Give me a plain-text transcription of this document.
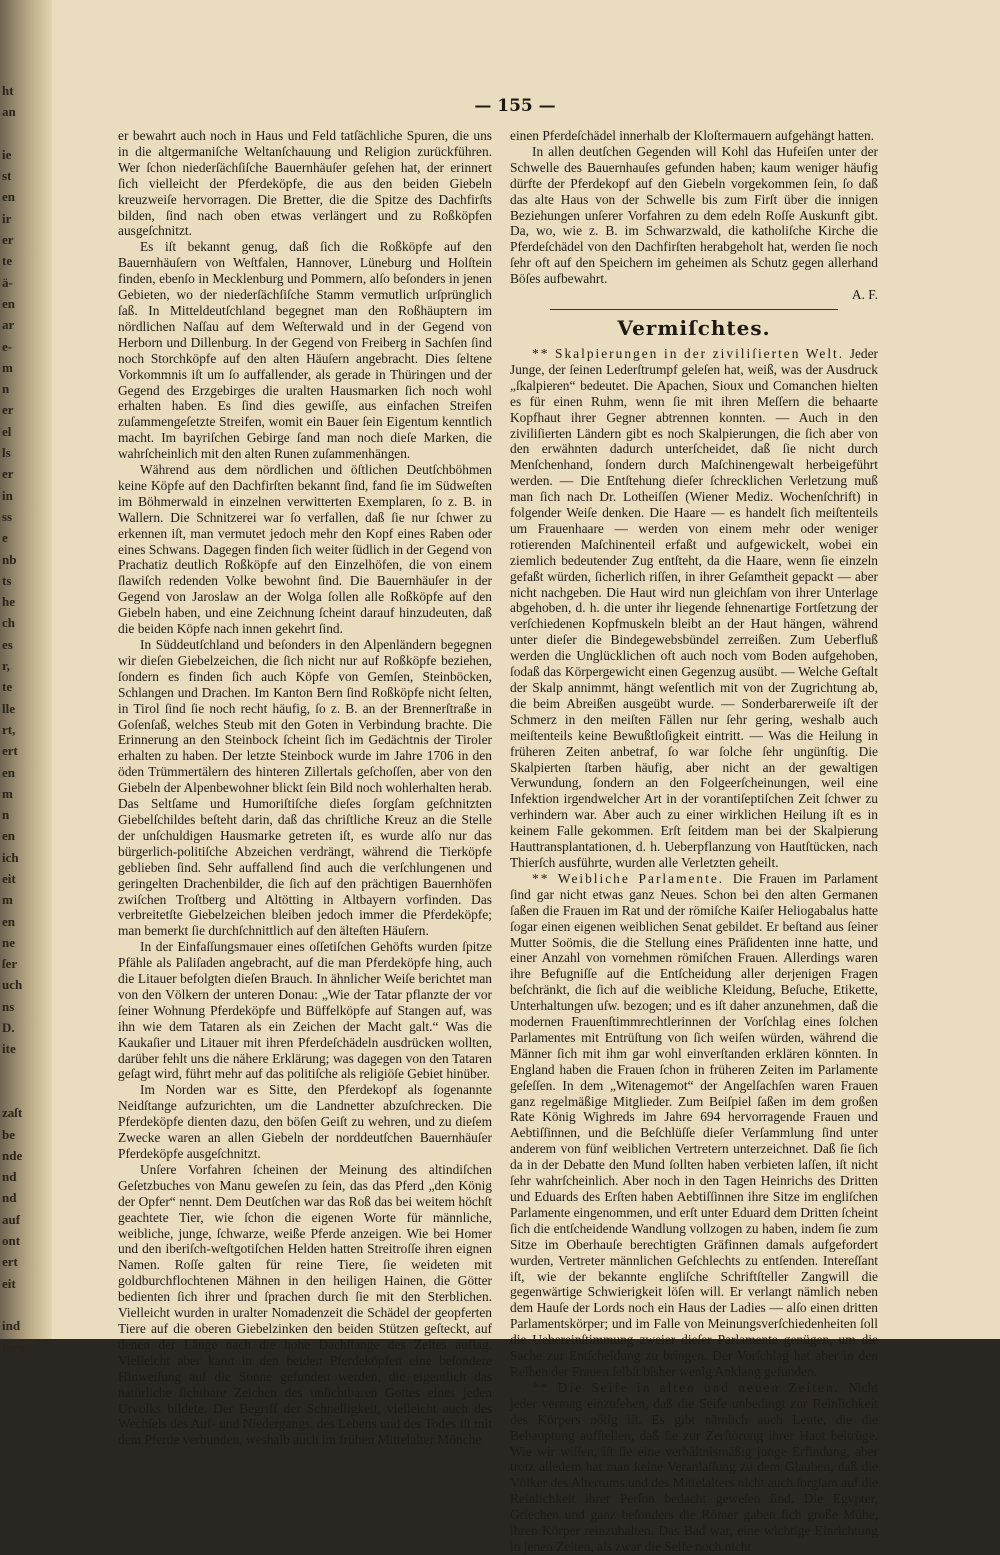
ht
an

ie
st
en
ir
er
te
ä-
en
ar
e-
m
n
er
el
ls
er
in
ss
e
nb
ts
he
ch
es
r,
te
lle
rt,
ert
en
m
n
en
ich
eit
m
en
ne
ſer
uch
ns
D.
ite

zaſt
be
nde
nd
nd
auf
ont
ert
eit

ind
tern
— 155 —

er bewahrt auch noch in Haus und Feld tatſächliche Spuren, die uns in die altgermaniſche Weltanſchauung und Religion zurückführen. Wer ſchon niederſächſiſche Bauernhäuſer geſehen hat, der erinnert ſich vielleicht der Pferdeköpfe, die aus den beiden Giebeln kreuzweiſe hervorragen. Die Bretter, die die Spitze des Dachfirſts bilden, ſind nach oben etwas verlängert und zu Roßköpfen ausgeſchnitzt.

Es iſt bekannt genug, daß ſich die Roßköpfe auf den Bauernhäuſern von Weſtfalen, Hannover, Lüneburg und Holſtein finden, ebenſo in Mecklenburg und Pommern, alſo beſonders in jenen Gebieten, wo der niederſächſiſche Stamm vermutlich urſprünglich ſaß. In Mitteldeutſchland begegnet man den Roßhäuptern im nördlichen Naſſau auf dem Weſterwald und in der Gegend von Herborn und Dillenburg. In der Gegend von Freiberg in Sachſen ſind noch Storchköpfe auf den alten Häuſern angebracht. Dies ſeltene Vorkommnis iſt um ſo auffallender, als gerade in Thüringen und der Gegend des Erzgebirges die uralten Hausmarken ſich noch wohl erhalten haben. Es ſind dies gewiſſe, aus einfachen Streifen zuſammengeſetzte Streifen, womit ein Bauer ſein Eigentum kenntlich macht. Im bayriſchen Gebirge ſand man noch dieſe Marken, die wahrſcheinlich mit den alten Runen zuſammenhängen.

Während aus dem nördlichen und öſtlichen Deutſchböhmen keine Köpfe auf den Dachfirſten bekannt ſind, fand ſie im Südweſten im Böhmerwald in einzelnen verwitterten Exemplaren, ſo z. B. in Wallern. Die Schnitzerei war ſo verfallen, daß ſie nur ſchwer zu erkennen iſt, man vermutet jedoch mehr den Kopf eines Raben oder eines Schwans. Dagegen finden ſich weiter ſüdlich in der Gegend von Prachatiz deutlich Roßköpfe auf den Einzelhöfen, die von einem ſlawiſch redenden Volke bewohnt ſind. Die Bauernhäuſer in der Gegend von Jaroslaw an der Wolga ſollen alle Roßköpfe auf den Giebeln haben, und eine Zeichnung ſcheint darauf hinzudeuten, daß die beiden Köpfe nach innen gekehrt ſind.

In Süddeutſchland und beſonders in den Alpenländern begegnen wir dieſen Giebelzeichen, die ſich nicht nur auf Roßköpfe beziehen, ſondern es finden ſich auch Köpfe von Gemſen, Steinböcken, Schlangen und Drachen. Im Kanton Bern ſind Roßköpfe nicht ſelten, in Tirol ſind ſie noch recht häufig, ſo z. B. an der Brennerſtraße in Goſenſaß, welches Steub mit den Goten in Verbindung brachte. Die Erinnerung an den Steinbock ſcheint ſich im Gedächtnis der Tiroler erhalten zu haben. Der letzte Steinbock wurde im Jahre 1706 in den öden Trümmertälern des hinteren Zillertals geſchoſſen, aber von den Giebeln der Alpenbewohner blickt ſein Bild noch wohlerhalten herab. Das Seltſame und Humoriſtiſche dieſes ſorgſam geſchnitzten Giebelſchildes beſteht darin, daß das chriſtliche Kreuz an die Stelle der unſchuldigen Hausmarke getreten iſt, es wurde alſo nur das bürgerlich-politiſche Abzeichen verdrängt, während die Tierköpfe geblieben ſind. Sehr auffallend ſind auch die verſchlungenen und geringelten Drachenbilder, die ſich auf den prächtigen Bauernhöfen zwiſchen Troſtberg und Altötting in Altbayern vorfinden. Das verbreitetſte Giebelzeichen bleiben jedoch immer die Pferdeköpfe; man bemerkt ſie durchſchnittlich auf den älteſten Häuſern.

In der Einfaſſungsmauer eines oſſetiſchen Gehöfts wurden ſpitze Pfähle als Paliſaden angebracht, auf die man Pferdeköpfe hing, auch die Litauer befolgten dieſen Brauch. In ähnlicher Weiſe berichtet man von den Völkern der unteren Donau: „Wie der Tatar pflanzte der vor ſeiner Wohnung Pferdeköpfe und Büffelköpfe auf Stangen auf, was ihn wie dem Tataren als ein Zeichen der Macht galt.“ Was die Kaukaſier und Litauer mit ihren Pferdeſchädeln ausdrücken wollten, darüber fehlt uns die nähere Erklärung; was dagegen von den Tataren geſagt wird, führt mehr auf das politiſche als religiöſe Gebiet hinüber.

Im Norden war es Sitte, den Pferdekopf als ſogenannte Neidſtange aufzurichten, um die Landnetter abzuſchrecken. Die Pferdeköpfe dienten dazu, den böſen Geiſt zu wehren, und zu dieſem Zwecke waren an allen Giebeln der norddeutſchen Bauernhäuſer Pferdeköpfe ausgeſchnitzt.

Unſere Vorfahren ſcheinen der Meinung des altindiſchen Geſetzbuches von Manu geweſen zu ſein, das das Pferd „den König der Opfer“ nennt. Dem Deutſchen war das Roß das bei weitem höchſt geachtete Tier, wie ſchon die eigenen Worte für männliche, weibliche, junge, ſchwarze, weiße Pferde anzeigen. Wie bei Homer und den iberiſch-weſtgotiſchen Helden hatten Streitroſſe ihren eignen Namen. Roſſe galten für reine Tiere, ſie weideten mit goldburchflochtenen Mähnen in den heiligen Hainen, die Götter bedienten ſich ihrer und ſprachen durch ſie mit den Sterblichen. Vielleicht wurden in uralter Nomadenzeit die Schädel der geopferten Tiere auf die oberen Giebelzinken den beiden Stützen geſteckt, auf denen der Länge nach die hohe Dachſtange des Zeltes auflag. Vielleicht aber kann in den beiden Pferdeköpfen eine beſondere Hinweiſung auf die Sonne gefunden werden, die eigentlich das natürliche ſichtbare Zeichen des unſichtbaren Gottes eines jeden Urvolks bildete. Der Begriff der Schnelligkeit, vielleicht auch des Wechſels des Auf- und Niedergangs, des Lebens und des Todes iſt mit dem Pferde verbunden, weshalb auch im frühen Mittelalter Mönche

einen Pferdeſchädel innerhalb der Kloſtermauern aufgehängt hatten.

In allen deutſchen Gegenden will Kohl das Hufeiſen unter der Schwelle des Bauernhauſes gefunden haben; kaum weniger häufig dürfte der Pferdekopf auf den Giebeln vorgekommen ſein, ſo daß das alte Haus von der Schwelle bis zum Firſt über die innigen Beziehungen unſerer Vorfahren zu dem edeln Roſſe Auskunft gibt. Da, wo, wie z. B. im Schwarzwald, die katholiſche Kirche die Pferdeſchädel von den Dachfirſten herabgeholt hat, werden ſie noch ſehr oft auf den Speichern im geheimen als Schutz gegen allerhand Böſes aufbewahrt.

A. F.

Vermiſchtes.

** Skalpierungen in der ziviliſierten Welt. Jeder Junge, der ſeinen Lederſtrumpf geleſen hat, weiß, was der Ausdruck „ſkalpieren“ bedeutet. Die Apachen, Sioux und Comanchen hielten es für einen Ruhm, wenn ſie mit ihren Meſſern die behaarte Kopfhaut ihrer Gegner abtrennen konnten. — Auch in den ziviliſierten Ländern gibt es noch Skalpierungen, die ſich aber von den erwähnten dadurch unterſcheidet, daß ſie nicht durch Menſchenhand, ſondern durch Maſchinengewalt herbeigeführt werden. — Die Entſtehung dieſer ſchrecklichen Verletzung muß man ſich nach Dr. Lotheiſſen (Wiener Mediz. Wochenſchrift) in folgender Weiſe denken. Die Haare — es handelt ſich meiſtenteils um Frauenhaare — werden von einem mehr oder weniger rotierenden Maſchinenteil erfaßt und aufgewickelt, wobei ein ziemlich bedeutender Zug entſteht, da die Haare, wenn ſie einzeln gefaßt würden, ſicherlich riſſen, in ihrer Geſamtheit gepackt — aber nicht nachgeben. Die Haut wird nun gleichſam von ihrer Unterlage abgehoben, d. h. die unter ihr liegende ſehnenartige Fortſetzung der verſchiedenen Kopfmuskeln bleibt an der Haut hängen, während unter dieſer die Bindegewebsbündel zerreißen. Zum Ueberfluß werden die Unglücklichen oft auch noch vom Boden aufgehoben, ſodaß das Körpergewicht einen Gegenzug ausübt. — Welche Geſtalt der Skalp annimmt, hängt weſentlich mit von der Zugrichtung ab, die beim Abreißen ausgeübt wurde. — Sonderbarerweiſe iſt der Schmerz in den meiſten Fällen nur ſehr gering, weshalb auch meiſtenteils keine Bewußtloſigkeit eintritt. — Was die Heilung in früheren Zeiten anbetraf, ſo war ſolche ſehr ungünſtig. Die Skalpierten ſtarben häufig, aber nicht an der gewaltigen Verwundung, ſondern an den Folgeerſcheinungen, weil eine Infektion irgendwelcher Art in der vorantiſeptiſchen Zeit ſchwer zu verhindern war. Aber auch zu einer wirklichen Heilung iſt es in keinem Falle gekommen. Erſt ſeitdem man bei der Skalpierung Hauttransplantationen, d. h. Ueberpflanzung von Hautſtücken, nach Thierſch ausführte, wurden alle Verletzten geheilt.

** Weibliche Parlamente. Die Frauen im Parlament ſind gar nicht etwas ganz Neues. Schon bei den alten Germanen ſaßen die Frauen im Rat und der römiſche Kaiſer Heliogabalus hatte ſogar einen eigenen weiblichen Senat gebildet. Er beſtand aus ſeiner Mutter Soömis, die die Stellung eines Präſidenten inne hatte, und einer Anzahl von vornehmen römiſchen Frauen. Allerdings waren ihre Befugniſſe auf die Entſcheidung aller derjenigen Fragen beſchränkt, die ſich auf die weibliche Kleidung, Beſuche, Etikette, Unterhaltungen uſw. bezogen; und es iſt daher anzunehmen, daß die modernen Frauenſtimmrechtlerinnen der Vorſchlag eines ſolchen Parlamentes mit Entrüſtung von ſich weiſen würden, während die Männer ſich mit ihm gar wohl einverſtanden erklären könnten. In England haben die Frauen ſchon in früheren Zeiten im Parlamente geſeſſen. In dem „Witenagemot“ der Angelſachſen waren Frauen ganz regelmäßige Mitglieder. Zum Beiſpiel ſaßen im dem großen Rate König Wighreds im Jahre 694 hervorragende Frauen und Aebtiſſinnen, und die Beſchlüſſe dieſer Verſammlung ſind unter anderem von fünf weiblichen Vertretern unterzeichnet. Daß ſie ſich da in der Debatte den Mund ſollten haben verbieten laſſen, iſt nicht ſehr wahrſcheinlich. Aber noch in den Tagen Heinrichs des Dritten und Eduards des Erſten haben Aebtiſſinnen ihre Sitze im engliſchen Parlamente eingenommen, und erſt unter Eduard dem Dritten ſcheint ſich die entſcheidende Wandlung vollzogen zu haben, indem ſie zum Sitze im Oberhauſe berechtigten Gräfinnen damals aufgefordert wurden, Vertreter männlichen Geſchlechts zu entſenden. Intereſſant iſt, wie der bekannte engliſche Schriftſteller Zangwill die gegenwärtige Schwierigkeit löſen will. Er verlangt nämlich neben dem Hauſe der Lords noch ein Haus der Ladies — alſo einen dritten Parlamentskörper; und im Falle von Meinungsverſchiedenheiten ſoll die Uebereinſtimmung zweier dieſer Parlamente genügen, um die Sache zur Entſcheidung zu bringen. Der Vorſchlag hat aber in den Reihen der Frauen ſelbſt bisher wenig Anklang gefunden.

** Die Seife in alten und neuen Zeiten. Nicht jeder vermag einzuſehen, daß die Seife unbedingt zur Reinlichkeit des Körpers nötig iſt. Es gibt nämlich auch Leute, die die Behauptung aufſtellen, daß ſie zur Zerſtörung ihrer Haut beitrüge. Wie wir wiſſen, iſt ſie eine verhältnismäßig junge Erfindung, aber trotz alledem hat man keine Veranlaſſung zu dem Glauben, daß die Völker des Altertums und des Mittelalters nicht auch ſorgſam auf die Reinlichkeit ihrer Perſon bedacht geweſen ſind. Die Egypter, Griechen und ganz beſonders die Römer gaben ſich große Mühe, ihren Körper reinzuhalten. Das Bad war, eine wichtige Einrichtung in jenen Zeiten, als zwar die Seife noch nicht
